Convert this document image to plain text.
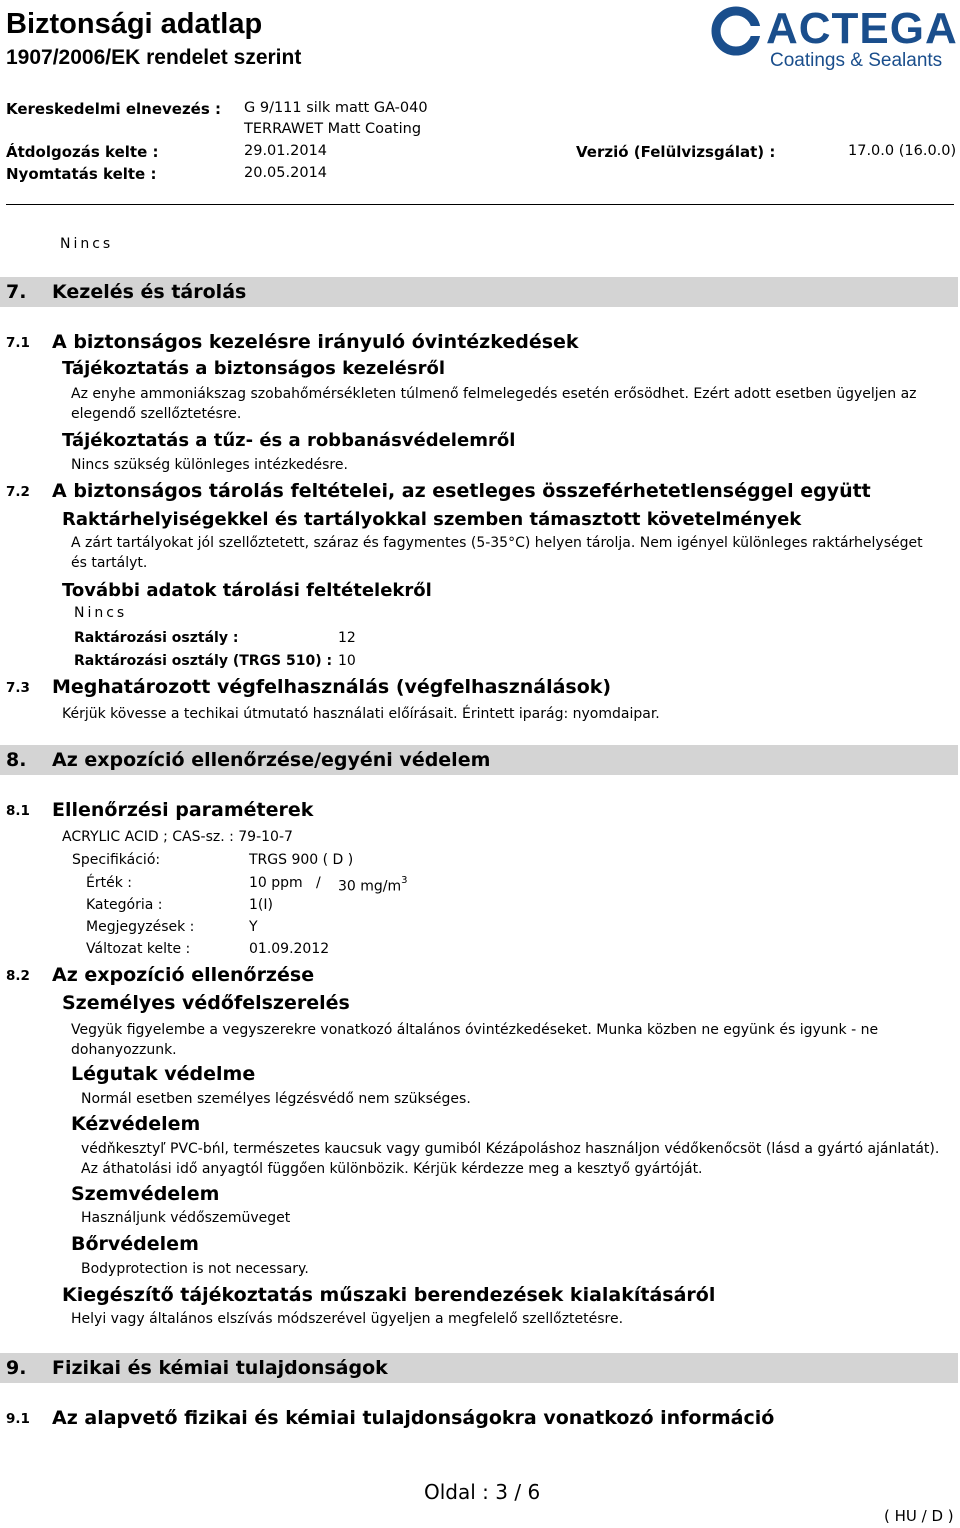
Biztonsági adatlap
1907/2006/EK rendelet szerint
ACTEGA
Coatings & Sealants
Kereskedelmi elnevezés : G 9/111 silk matt GA-040
TERRAWET Matt Coating
Átdolgozás kelte :	29.01.2014	Verzió (Felülvizsgálat) :	17.0.0 (16.0.0)
Nyomtatás kelte :	20.05.2014
Nincs
7. Kezelés és tárolás
7.1 A biztonságos kezelésre irányuló óvintézkedések
Tájékoztatás a biztonságos kezelésről
Az enyhe ammoniákszag szobahőmérsékleten túlmenő felmelegedés esetén erősödhet. Ezért adott esetben ügyeljen az elegendő szellőztetésre.
Tájékoztatás a tűz- és a robbanásvédelemről
Nincs szükség különleges intézkedésre.
7.2 A biztonságos tárolás feltételei, az esetleges összeférhetetlenséggel együtt
Raktárhelyiségekkel és tartályokkal szemben támasztott követelmények
A zárt tartályokat jól szellőztetett, száraz és fagymentes (5-35°C) helyen tárolja. Nem igényel különleges raktárhelységet és tartályt.
További adatok tárolási feltételekről
Nincs
Raktározási osztály :	12
Raktározási osztály (TRGS 510) : 10
7.3 Meghatározott végfelhasználás (végfelhasználások)
Kérjük kövesse a techikai útmutató használati előírásait. Érintett iparág: nyomdaipar.
8. Az expozíció ellenőrzése/egyéni védelem
8.1 Ellenőrzési paraméterek
ACRYLIC ACID ; CAS-sz. : 79-10-7
Specifikáció:	TRGS 900 ( D )
Érték :	10 ppm / 30 $mg/m^3$
Kategória :	1(I)
Megjegyzések :	Y
Változat kelte :	01.09.2012
8.2 Az expozíció ellenőrzése
Személyes védőfelszerelés
Vegyük figyelembe a vegyszerekre vonatkozó általános óvintézkedéseket. Munka közben ne együnk és igyunk - ne dohanyozzunk.
Légutak védelme
Normál esetben személyes légzésvédő nem szükséges.
Kézvédelem
védňkesztyľ PVC-bńl, természetes kaucsuk vagy gumiból Kézápoláshoz használjon védőkenőcsöt (lásd a gyártó ajánlatát). Az áthatolási idő anyagtól függően különbözik. Kérjük kérdezze meg a kesztyő gyártóját.
Szemvédelem
Használjunk védőszemüveget
Bőrvédelem
Bodyprotection is not necessary.
Kiegészítő tájékoztatás műszaki berendezések kialakításáról
Helyi vagy általános elszívás módszerével ügyeljen a megfelelő szellőztetésre.
9. Fizikai és kémiai tulajdonságok
9.1 Az alapvető fizikai és kémiai tulajdonságokra vonatkozó információ
Oldal : 3 / 6
( HU / D )
